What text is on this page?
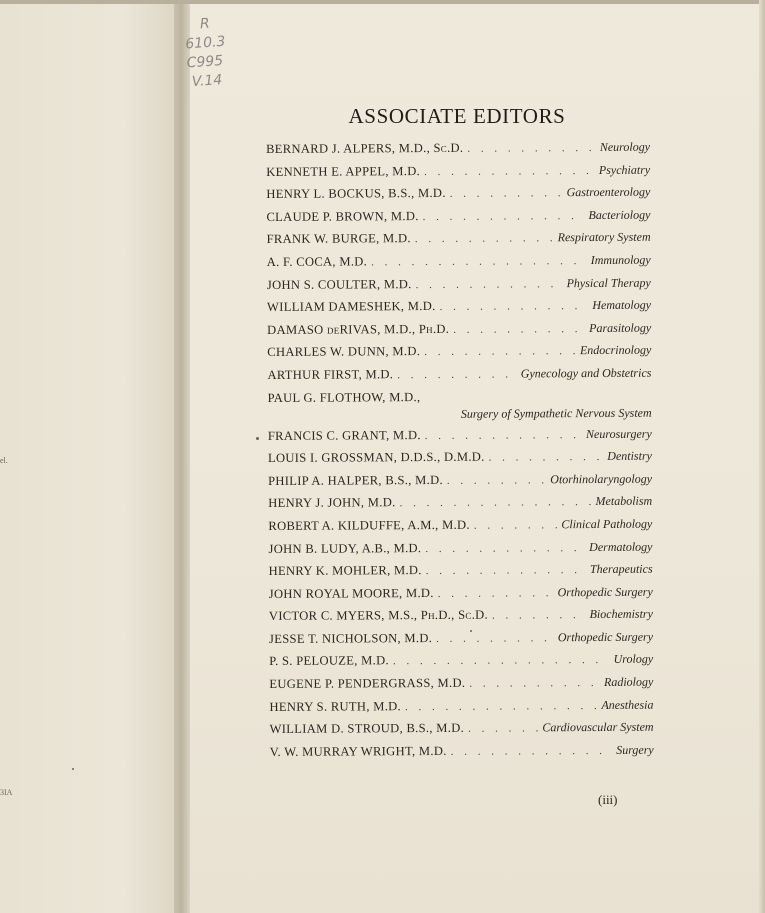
el.
3IA
R
610.3
C995
V.14
ASSOCIATE EDITORS
BERNARD J. ALPERS, M.D., Sc.D. . . .	Neurology
KENNETH E. APPEL, M.D. . . .	Psychiatry
HENRY L. BOCKUS, B.S., M.D. . . .	Gastroenterology
CLAUDE P. BROWN, M.D. . . .	Bacteriology
FRANK W. BURGE, M.D. . . .	Respiratory System
A. F. COCA, M.D. . . .	Immunology
JOHN S. COULTER, M.D. . . .	Physical Therapy
WILLIAM DAMESHEK, M.D. . . .	Hematology
DAMASO deRIVAS, M.D., Ph.D. . . .	Parasitology
CHARLES W. DUNN, M.D. . . .	Endocrinology
ARTHUR FIRST, M.D. . . .	Gynecology and Obstetrics
PAUL G. FLOTHOW, M.D.,
Surgery of Sympathetic Nervous System
FRANCIS C. GRANT, M.D. . . .	Neurosurgery
LOUIS I. GROSSMAN, D.D.S., D.M.D. . . .	Dentistry
PHILIP A. HALPER, B.S., M.D. . . .	Otorhinolaryngology
HENRY J. JOHN, M.D. . . .	Metabolism
ROBERT A. KILDUFFE, A.M., M.D. . . .	Clinical Pathology
JOHN B. LUDY, A.B., M.D. . . .	Dermatology
HENRY K. MOHLER, M.D. . . .	Therapeutics
JOHN ROYAL MOORE, M.D. . . .	Orthopedic Surgery
VICTOR C. MYERS, M.S., Ph.D., Sc.D. . . .	Biochemistry
JESSE T. NICHOLSON, M.D. . . .	Orthopedic Surgery
P. S. PELOUZE, M.D. . . .	Urology
EUGENE P. PENDERGRASS, M.D. . . .	Radiology
HENRY S. RUTH, M.D. . . .	Anesthesia
WILLIAM D. STROUD, B.S., M.D. . . .	Cardiovascular System
V. W. MURRAY WRIGHT, M.D. . . .	Surgery
(iii)
